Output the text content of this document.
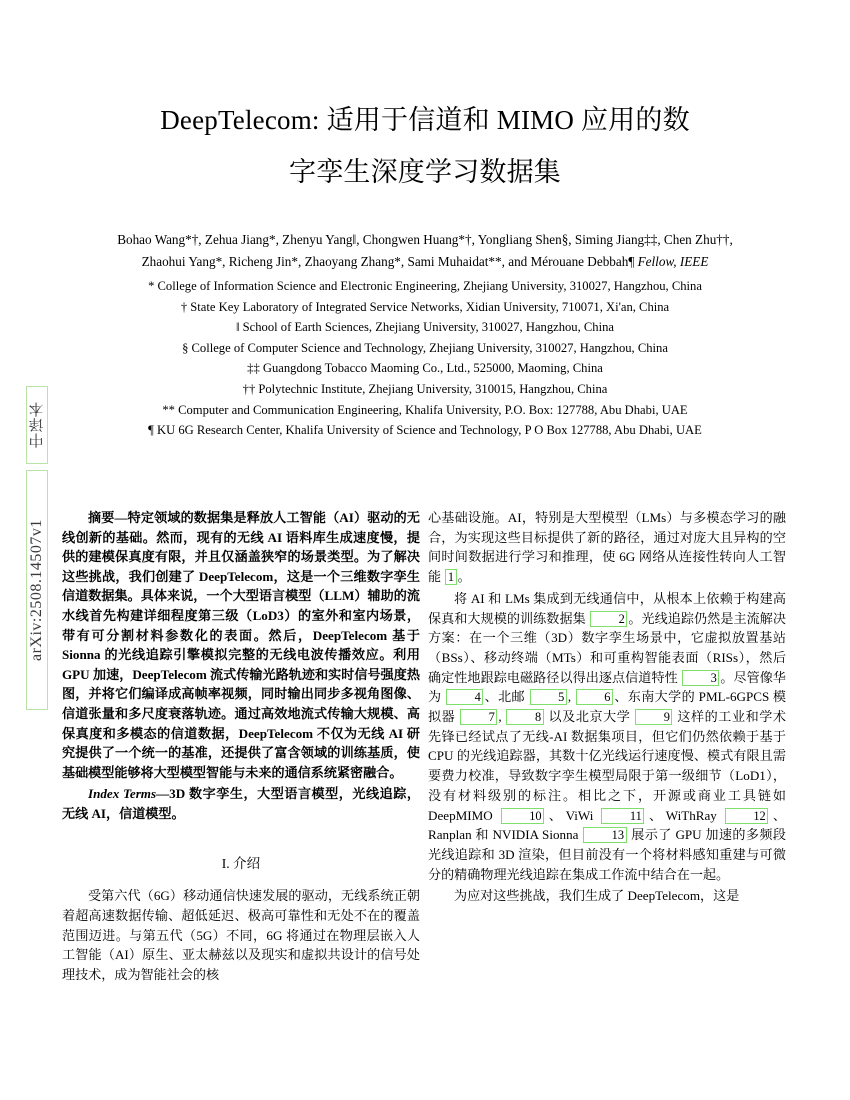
中译本
arXiv:2508.14507v1
DeepTelecom: 适用于信道和 MIMO 应用的数
字孪生深度学习数据集
Bohao Wang*†, Zehua Jiang*, Zhenyu Yang‖, Chongwen Huang*†, Yongliang Shen§, Siming Jiang‡‡, Chen Zhu††,
Zhaohui Yang*, Richeng Jin*, Zhaoyang Zhang*, Sami Muhaidat**, and Mérouane Debbah¶ Fellow, IEEE
* College of Information Science and Electronic Engineering, Zhejiang University, 310027, Hangzhou, China
† State Key Laboratory of Integrated Service Networks, Xidian University, 710071, Xi'an, China
‖ School of Earth Sciences, Zhejiang University, 310027, Hangzhou, China
§ College of Computer Science and Technology, Zhejiang University, 310027, Hangzhou, China
‡‡ Guangdong Tobacco Maoming Co., Ltd., 525000, Maoming, China
†† Polytechnic Institute, Zhejiang University, 310015, Hangzhou, China
** Computer and Communication Engineering, Khalifa University, P.O. Box: 127788, Abu Dhabi, UAE
¶ KU 6G Research Center, Khalifa University of Science and Technology, P O Box 127788, Abu Dhabi, UAE
摘要—特定领域的数据集是释放人工智能（AI）驱动的无线创新的基础。然而，现有的无线 AI 语料库生成速度慢，提供的建模保真度有限，并且仅涵盖狭窄的场景类型。为了解决这些挑战，我们创建了 DeepTelecom，这是一个三维数字孪生信道数据集。具体来说，一个大型语言模型（LLM）辅助的流水线首先构建详细程度第三级（LoD3）的室外和室内场景，带有可分割材料参数化的表面。然后，DeepTelecom 基于 Sionna 的光线追踪引擎模拟完整的无线电波传播效应。利用 GPU 加速，DeepTelecom 流式传输光路轨迹和实时信号强度热图，并将它们编译成高帧率视频，同时输出同步多视角图像、信道张量和多尺度衰落轨迹。通过高效地流式传输大规模、高保真度和多模态的信道数据，DeepTelecom 不仅为无线 AI 研究提供了一个统一的基准，还提供了富含领域的训练基质，使基础模型能够将大型模型智能与未来的通信系统紧密融合。
Index Terms—3D 数字孪生，大型语言模型，光线追踪，无线 AI，信道模型。
I. 介绍
受第六代（6G）移动通信快速发展的驱动，无线系统正朝着超高速数据传输、超低延迟、极高可靠性和无处不在的覆盖范围迈进。与第五代（5G）不同，6G 将通过在物理层嵌入人工智能（AI）原生、亚太赫兹以及现实和虚拟共设计的信号处理技术，成为智能社会的核
心基础设施。AI，特别是大型模型（LMs）与多模态学习的融合，为实现这些目标提供了新的路径，通过对庞大且异构的空间时间数据进行学习和推理，使 6G 网络从连接性转向人工智能 1 。
将 AI 和 LMs 集成到无线通信中，从根本上依赖于构建高保真和大规模的训练数据集 2 。光线追踪仍然是主流解决方案：在一个三维（3D）数字孪生场景中，它虚拟放置基站（BSs）、移动终端（MTs）和可重构智能表面（RISs），然后确定性地跟踪电磁路径以得出逐点信道特性 3 。尽管像华为 4 、北邮 5 , 6 、东南大学的 PML-6GPCS 模拟器 7 , 8 以及北京大学 9 这样的工业和学术先锋已经试点了无线-AI 数据集项目，但它们仍然依赖于基于 CPU 的光线追踪器，其数十亿光线运行速度慢、模式有限且需要费力校准，导致数字孪生模型局限于第一级细节（LoD1），没有材料级别的标注。相比之下，开源或商业工具链如 DeepMIMO 10 、ViWi 11 、WiThRay 12 、Ranplan 和 NVIDIA Sionna 13 展示了 GPU 加速的多频段光线追踪和 3D 渲染，但目前没有一个将材料感知重建与可微分的精确物理光线追踪在集成工作流中结合在一起。
为应对这些挑战，我们生成了 DeepTelecom，这是
